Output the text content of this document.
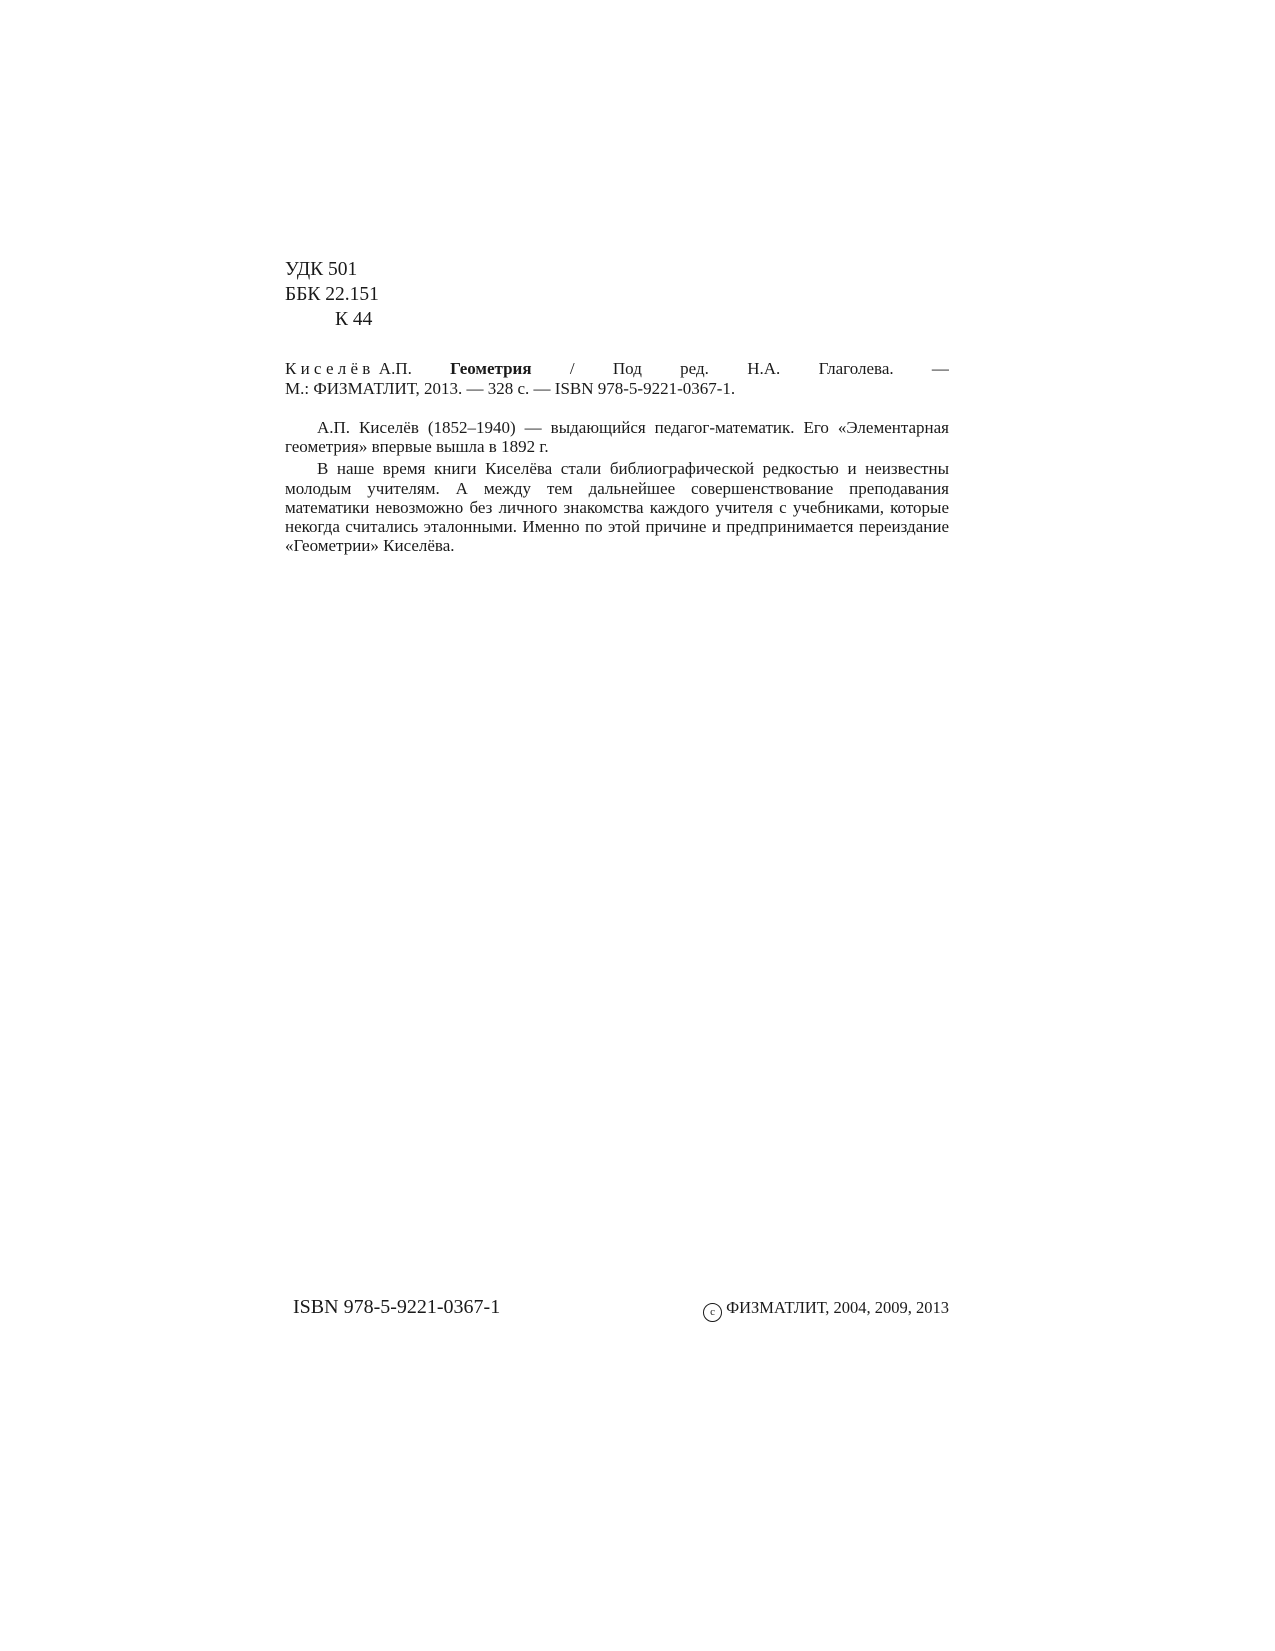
УДК 501
ББК 22.151
К 44
Киселёв А.П. Геометрия / Под ред. Н.А. Глаголева. —
М.: ФИЗМАТЛИТ, 2013. — 328 с. — ISBN 978-5-9221-0367-1.

А.П. Киселёв (1852–1940) — выдающийся педагог-математик. Его «Элементарная геометрия» впервые вышла в 1892 г.

В наше время книги Киселёва стали библиографической редкостью и неизвестны молодым учителям. А между тем дальнейшее совершенствование преподавания математики невозможно без личного знакомства каждого учителя с учебниками, которые некогда считались эталонными. Именно по этой причине и предпринимается переиздание «Геометрии» Киселёва.

ISBN 978-5-9221-0367-1	c ФИЗМАТЛИТ, 2004, 2009, 2013
